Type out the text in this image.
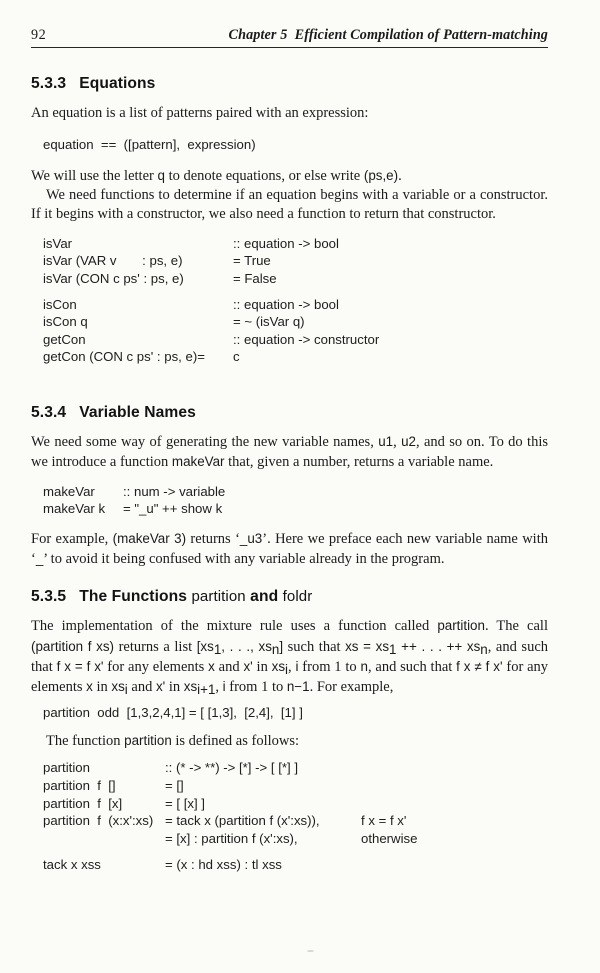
92	Chapter 5  Efficient Compilation of Pattern-matching
5.3.3 Equations

An equation is a list of patterns paired with an expression:

equation  ==  ([pattern],  expression)

We will use the letter q to denote equations, or else write (ps,e).

We need functions to determine if an equation begins with a variable or a constructor. If it begins with a constructor, we also need a function to return that constructor.

isVar	:: equation -> bool
isVar (VAR v       : ps, e)	= True
isVar (CON c ps' : ps, e)	= False
isCon	:: equation -> bool
isCon q	= ~ (isVar q)
getCon	:: equation -> constructor
getCon (CON c ps' : ps, e)=	c
5.3.4 Variable Names

We need some way of generating the new variable names, u1, u2, and so on. To do this we introduce a function makeVar that, given a number, returns a variable name.

makeVar	:: num -> variable
makeVar k	= "_u" ++ show k

For example, (makeVar 3) returns ‘_u3’. Here we preface each new variable name with ‘_’ to avoid it being confused with any variable already in the program.

5.3.5 The Functions partition and foldr

The implementation of the mixture rule uses a function called partition. The call (partition f xs) returns a list [$xs_1$, . . ., $xs_n$] such that xs = $xs_1$ ++ . . . ++ $xs_n$, and such that f x = f x' for any elements x and x' in $xs_i$, i from 1 to n, and such that f x ≠ f x' for any elements x in $xs_i$ and x' in $xs_{i+1}$, i from 1 to n−1. For example,

partition  odd  [1,3,2,4,1] = [ [1,3],  [2,4],  [1] ]

The function partition is defined as follows:

partition	:: (* -> **) -> [*] -> [ [*] ]
partition  f  []	= []
partition  f  [x]	= [ [x] ]
partition  f  (x:x':xs) = tack x (partition f (x':xs)),	f x = f x'
= [x] : partition f (x':xs),	otherwise
tack x xss	= (x : hd xss) : tl xss
